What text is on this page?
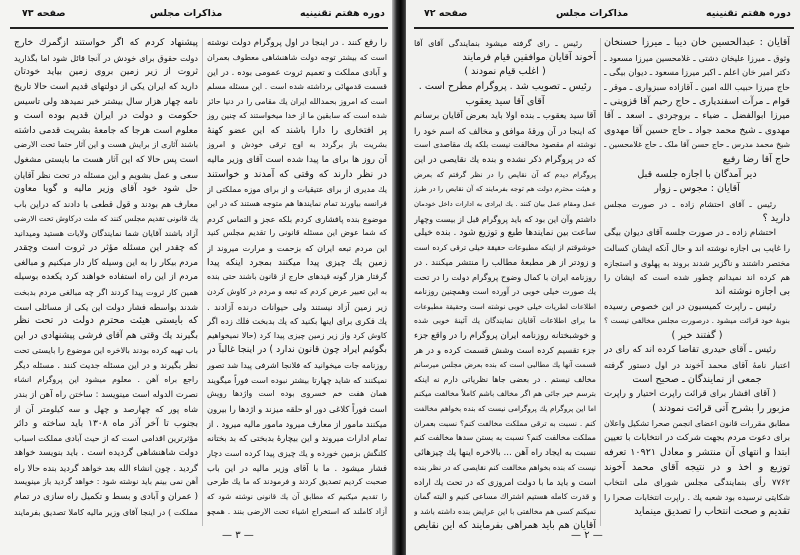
صفحه ۷۳	مذاکرات مجلس	دوره هفتم تقنینیه
را رفع کنند . در اینجا در اول پروگرام دولت نوشته
است که بیشتر توجه دولت شاهنشاهی معطوف بعمران
و آبادی مملکت و تعمیم ثروت عمومی بوده . در این
قسمت قدمهائی برداشته شده است . این مسئله مسلم
است که امروز بحمدالله ایران یك مقامی را در دنیا حائز
شده است که سابقین ما از خدا میخواستند که چنین روز
پر افتخاری را دارا باشند که این عضو کهنهٔ
بشریت باز برگردد به اوج ترقی خودش و امروز
آن روز ها برای ما پیدا شده است آقای وزیر مالیه
در نظر دارند که وقتی که آمدند و خواستند
یك مدیری از برای عتیقیات و از برای موزه مملکتی از
فرانسه بیاورند تمام نمایندها هم متوجه هستند که در این
موضوع بنده پافشاری کردم بلکه عجز و التماس کردم
که شما عوض این مسئله قانونی را تقدیم مجلس کنید
این مردم تبعه ایران که بزحمت و مرارت میروند از
زمین یك چیزی پیدا میکنند بمجرد اینکه پیدا
گرفتار هزار گونه قیدهای خارج از قانون باشند حتی بنده
به این تعبیر عرض کردم که تبعه و مردم در کاوش کردن
زیر زمین آزاد نیستند ولی حیوانات درنده آزادند .
یك فکری برای اینها بکنید که یك بدبخت فلك زده اگر
کاوش کرد واز زیر زمین چیزی پیدا کرد (حالا نمیخواهیم
بگوئیم ایراد چون قانون ندارد ) در اینجا غالباً در
روزنامه جات میخوانید که فلانجا اشرفی پیدا شد تصور
نمیکنند که شاید چهارتا بیشتر نبوده است فوراً میگویند
همان هفت خم خسروی بوده است واژدها رویش
است فوراً کلاغی دور او حلقه میزند و اژدها را بیرون
میکنند مامور از معارف میرود مامور مالیه میرود . از
تمام ادارات میروند و این بیچارهٔ بدبختی که بد بختانه
کلنگش بزمین خورده و یك چیزی پیدا کرده است دچار
فشار میشود . ما با آقای وزیر مالیه در این باب
صحبت کردیم تصدیق کردند و فرمودند که ما یك طرحی
را تقدیم میکنیم که مطابق آن یك قانونی نوشته شود که
آزاد کاملند که استخراج اشیاء تحت الارضی بنند . همچو
پیشنهاد کردم که اگر خواستند ازگمرك خارج
دولت حقوق برای خودش در آنجا قائل شود اما بگذارید
ثروت از زیر زمین بروی زمین بیاید خودتان
دارید که ایران یکی از دولتهای قدیم است حالا تاریخ
نامه چهار هزار سال بیشتر خبر نمیدهد ولی تاسیس
حکومت و دولت در ایران قدیم بوده است و
معلوم است هرجا که جامعهٔ بشریت قدمی داشته
باشند آثاری از برایش هست و این آثار حتما تحت الارضی
است پس حالا که این آثار هست ما بایستی مشغول
سعی و عمل بشویم و این مسئله در تحت نظر آقایان
حل شود خود آقای وزیر مالیه و گویا معاون
معارف هم بودند و قول قطعی با دادند که دراین باب
یك قانونی تقدیم مجلس کنند که ملت درکاوش تحت الارضی
آزاد باشند آقایان شما نمایندگان ولایات هستید ومیدانید
که چقدر این مسئله مؤثر در ثروت است وچقدر
مردم بیکار را به این وسیله کار دار میکنیم و مبالغی
مردم از این راه استفاده خواهند کرد یکعده بوسیله
همین کار ثروت پیدا کردند اگر چه مبالغی مردم بدبخت
شدند بواسطه فشار دولت این یکی از مسائلی است
که بایستی هیئت محترم دولت در تحت نظر
بگیرند یك وقتی هم آقای فرشی پیشنهادی در این
باب تهیه کرده بودند بالاخره این موضوع را بایستی تحت
نظر بگیرند و در این مسئله جدیت کنند . مسئله دیگر
راجع براه آهن . معلوم میشود این پروگرام انشاء
نصرت الدوله است مینویسد : ساختن راه آهن از بندر
شاه پور که چهارصد و چهل و سه کیلومتر آن از
بجنوب تا آخر آذر ماه ۱۳۰۸ باید ساخته و دائر
مؤثرترین اقدامی است که از حیث آبادی مملکت اسباب
دولت شاهنشاهی گردیده است . باید بنویسد خواهد
گردید . چون انشاء الله بعد خواهد گردید بنده حالا راه
آهن نمی بینم باید نوشته شود : خواهد گردید باز مینویسد
( عمران و آبادی و بسط و تکمیل راه سازی در تمام
مملکت ) در اینجا آقای وزیر مالیه کاملا تصدیق بفرمایند
— ۳ —
صفحه ۷۲	مذاکرات مجلس	دوره هفتم تقنینیه
آقایان : عبدالحسین خان دیبا ـ میرزا حسنخان
وثوق ـ میرزا علیخان دشتی ـ غلامحسین میرزا مسعود ـ
دکتر امیر خان اعلم ـ اکبر میرزا مسعود ـ دیوان بیگی ـ
حاج میرزا حبیب الله امین ـ آقازاده سبزواری ـ موقر ـ
قوام ـ مرآت اسفندیاری ـ حاج رحیم آقا قزوینی ـ
میرزا ابوالفضل ـ ضیاء ـ بروجردی ـ اسعد ـ آقا
مهدوی ـ شیخ محمد جواد ـ حاج حسین آقا مهدوی
شیخ محمد مدرس ـ حاج حسن آقا ملک ـ حاج غلامحسین ـ
حاج آقا رضا رفیع
دیر آمدگان با اجازه جلسه قبل
آقایان : مجوس ـ زوار
رئیس ـ آقای احتشام زاده ـ در صورت مجلس
دارید ؟
احتشام زاده ـ در صورت جلسه آقای دیوان بیگی
را غایب بی اجازه نوشته اند و حال آنکه ایشان کسالت
مختصر داشتند و ناگزیر شدند بروند به پهلوی و استجازه
هم کرده اند نمیدانم چطور شده است که ایشان را
بی اجازه نوشته اند
رئیس ـ راپرت کمیسیون در این خصوص رسیده
بنوبهٔ خود قرائت میشود . درصورت مجلس مخالفی نیست ؟
( گفتند خیر )
رئیس ـ آقای حیدری تقاضا کرده اند که رای در
اعتبار نامهٔ آقای محمد آخوند در اول دستور گرفته
جمعی از نمایندگان ـ صحیح است
( آقای افشار برای قرائت راپرت احتیار و راپرت
مزبور را بشرح آتی قرائت نمودند )
مطابق مقررات قانون اعضای انجمن صحرا تشکیل واعلان
برای دعوت مردم بجهت شرکت در انتخابات با تعیین
ابتدا و انتهای آن منتشر و معادل ۱۰۹۲۱ تعرفه
توزیع و اخذ و در نتیجه آقای محمد آخوند
۷۷۶۲ رأی بنمایندگی مجلس شورای ملی انتخاب
شکایتی نرسیده بود شعبه یك . راپرت انتخابات صحرا را
تقدیم و صحت انتخاب را تصدیق مینماید
رئیس ـ رای گرفته میشود بنمایندگی آقای آقا
آخوند آقایان موافقین قیام فرمایند
( اغلب قیام نمودند )
رئیس ـ تصویب شد . پروگرام مطرح است .
آقای آقا سید یعقوب
آقا سید یعقوب ـ بنده اولا باید بعرض آقایان برسانم
که اینجا در آن ورقهٔ موافق و مخالف که اسم خود را
نوشته ام مقصود مخالفت نیست بلکه یك مقاصدی است
که در پروگرام ذکر نشده و بنده یك نقایصی در این
پروگرام دیدم که آن نقایص را در نظر گرفتم که بعرض
و هیئت محترم دولت هم توجه بفرمایند که آن نقایص را در طرز
عمل ومقام عمل بیان کنند . یك ایرادی به ادارات داخل خودمان
داشتم وآن این بود که باید پروگرام قبل از بیست وچهار
ساعت بین نمایندها طبع و توزیع شود . بنده خیلی
خوشوقتم از اینکه مطبوعات حقیقة خیلی ترقی کرده است
و زودتر از هر مطبعهٔ مطالب را منتشر میکنند . در
روزنامه ایران با کمال وضوح پروگرام دولت را در تحت
یك صورت خیلی خوبی در آورده است وهمچنین روزنامه
اطلاعات لطریات خیلی خوبی نوشته است وحقیقة مطبوعات
ما برای اطلاعات آقایان نمایندگان یك آئینهٔ خوبی شده
و خوشبختانه روزنامه ایران پروگرام را در واقع جزء
جزء تقسیم کرده است وشش قسمت کرده و در هر
قسمت آنها یك مطالبی است که بنده بعرض مجلس میرسانم
مخالف نیستم . در بعضی جاها نظریاتی دارم نه اینکه
بترسم خیر جائی هم اگر مخالف باشم کاملاً مخالفت میکنم
اما این پروگرام یك پروگرامی نیست که بنده بخواهم مخالفت
کنم . نسبت به ترقی مملکت مخالفت کنم؟ نسبت بعمران
مملکت مخالفت کنم؟ نسبت به بستن سدها مخالفت کنم
نسبت به ایجاد راه آهن ... بالاخره اینها یك چیزهائی
نیست که بنده بخواهم مخالفت کنم نقایصی که در نظر بنده
است و باید ما با دولت امروزی که در تحت یك اراده
و قدرت کامله هستیم اشتراك مساعی کنیم و البته گمان
نمیکنم کسی هم مخالفتی با این عرایض بنده داشته باشد و
آقایان هم باید همراهی بفرمایند که این نقایص
— ۲ —
